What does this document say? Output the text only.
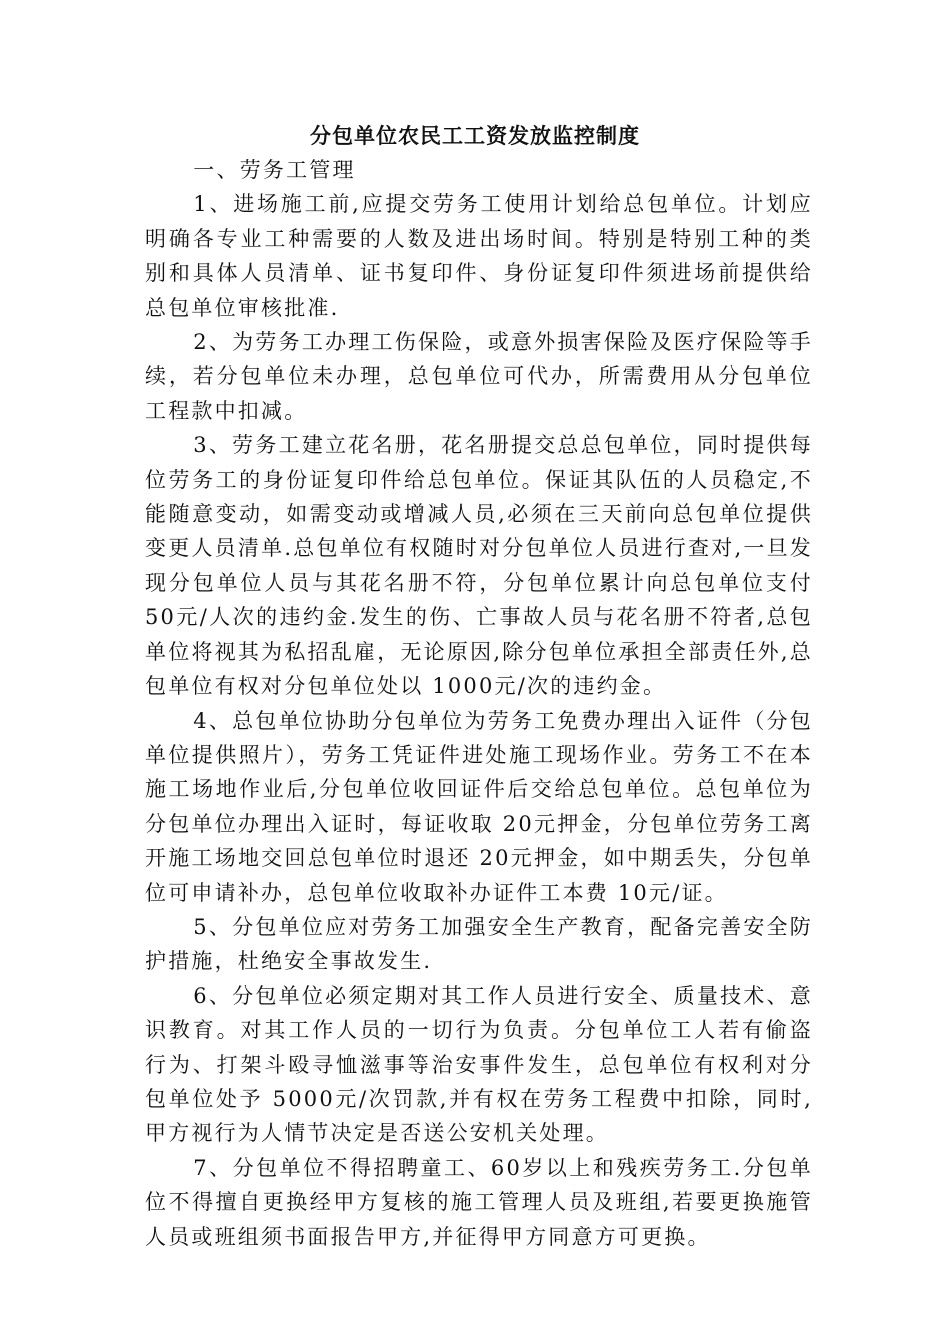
分包单位农民工工资发放监控制度

一、劳务工管理

1、进场施工前,应提交劳务工使用计划给总包单位。计划应明确各专业工种需要的人数及进出场时间。特别是特别工种的类别和具体人员清单、证书复印件、身份证复印件须进场前提供给总包单位审核批准.

2、为劳务工办理工伤保险，或意外损害保险及医疗保险等手续，若分包单位未办理，总包单位可代办，所需费用从分包单位工程款中扣减。

3、劳务工建立花名册，花名册提交总总包单位，同时提供每位劳务工的身份证复印件给总包单位。保证其队伍的人员稳定,不能随意变动，如需变动或增减人员,必须在三天前向总包单位提供变更人员清单.总包单位有权随时对分包单位人员进行查对,一旦发现分包单位人员与其花名册不符，分包单位累计向总包单位支付 50元/人次的违约金.发生的伤、亡事故人员与花名册不符者,总包单位将视其为私招乱雇，无论原因,除分包单位承担全部责任外,总包单位有权对分包单位处以 1000元/次的违约金。

4、总包单位协助分包单位为劳务工免费办理出入证件（分包单位提供照片），劳务工凭证件进处施工现场作业。劳务工不在本施工场地作业后,分包单位收回证件后交给总包单位。总包单位为分包单位办理出入证时，每证收取 20元押金，分包单位劳务工离开施工场地交回总包单位时退还 20元押金，如中期丢失，分包单位可申请补办，总包单位收取补办证件工本费 10元/证。

5、分包单位应对劳务工加强安全生产教育，配备完善安全防护措施，杜绝安全事故发生.

6、分包单位必须定期对其工作人员进行安全、质量技术、意识教育。对其工作人员的一切行为负责。分包单位工人若有偷盗行为、打架斗殴寻恤滋事等治安事件发生，总包单位有权利对分包单位处予 5000元/次罚款,并有权在劳务工程费中扣除，同时,甲方视行为人情节决定是否送公安机关处理。

7、分包单位不得招聘童工、60岁以上和残疾劳务工.分包单位不得擅自更换经甲方复核的施工管理人员及班组,若要更换施管人员或班组须书面报告甲方,并征得甲方同意方可更换。
